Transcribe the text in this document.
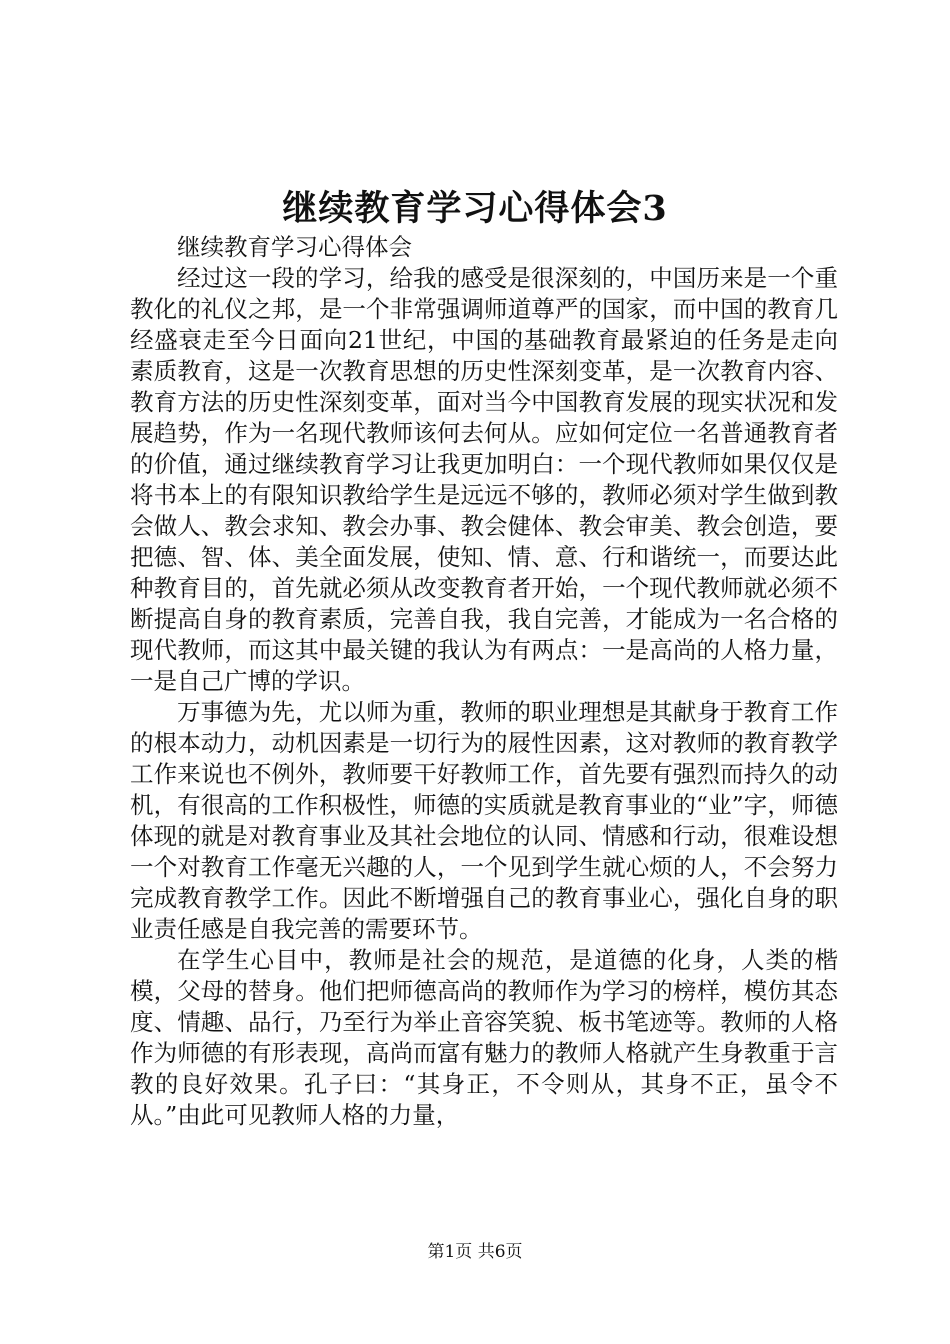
继续教育学习心得体会3

继续教育学习心得体会

经过这一段的学习，给我的感受是很深刻的，中国历来是一个重教化的礼仪之邦，是一个非常强调师道尊严的国家，而中国的教育几经盛衰走至今日面向21世纪，中国的基础教育最紧迫的任务是走向素质教育，这是一次教育思想的历史性深刻变革，是一次教育内容、教育方法的历史性深刻变革，面对当今中国教育发展的现实状况和发展趋势，作为一名现代教师该何去何从。应如何定位一名普通教育者的价值，通过继续教育学习让我更加明白：一个现代教师如果仅仅是将书本上的有限知识教给学生是远远不够的，教师必须对学生做到教会做人、教会求知、教会办事、教会健体、教会审美、教会创造，要把德、智、体、美全面发展，使知、情、意、行和谐统一，而要达此种教育目的，首先就必须从改变教育者开始，一个现代教师就必须不断提高自身的教育素质，完善自我，我自完善，才能成为一名合格的现代教师，而这其中最关键的我认为有两点：一是高尚的人格力量，一是自己广博的学识。

万事德为先，尤以师为重，教师的职业理想是其献身于教育工作的根本动力，动机因素是一切行为的屐性因素，这对教师的教育教学工作来说也不例外，教师要干好教师工作，首先要有强烈而持久的动机，有很高的工作积极性，师德的实质就是教育事业的“业”字，师德体现的就是对教育事业及其社会地位的认同、情感和行动，很难设想一个对教育工作毫无兴趣的人，一个见到学生就心烦的人，不会努力完成教育教学工作。因此不断增强自己的教育事业心，强化自身的职业责任感是自我完善的需要环节。

在学生心目中，教师是社会的规范，是道德的化身，人类的楷模，父母的替身。他们把师德高尚的教师作为学习的榜样，模仿其态度、情趣、品行，乃至行为举止音容笑貌、板书笔迹等。教师的人格作为师德的有形表现，高尚而富有魅力的教师人格就产生身教重于言教的良好效果。孔子曰：“其身正，不令则从，其身不正，虽令不从。”由此可见教师人格的力量，

第1页 共6页
